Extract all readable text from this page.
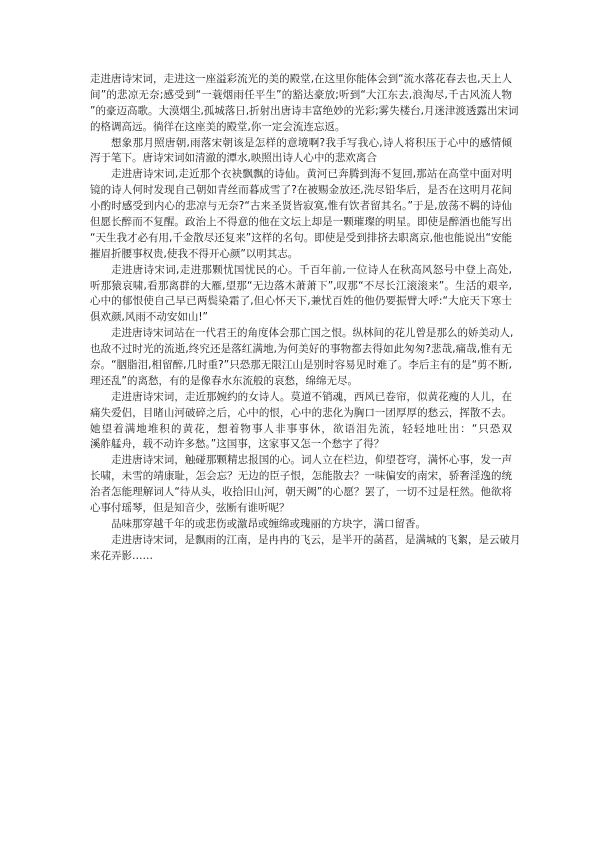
走进唐诗宋词，走进这一座溢彩流光的美的殿堂,在这里你能体会到“流水落花春去也,天上人
间”的悲凉无奈;感受到“一蓑烟雨任平生”的豁达豪放;听到“大江东去,浪淘尽,千古风流人物
”的豪迈高歌。大漠烟尘,孤城落日,折射出唐诗丰富绝妙的光彩;雾失楼台,月迷津渡透露出宋词
的格调高远。徜徉在这座美的殿堂,你一定会流连忘返。
想象那月照唐朝,雨落宋朝该是怎样的意境啊?我手写我心,诗人将积压于心中的感情倾
泻于笔下。唐诗宋词如清澈的潭水,映照出诗人心中的悲欢离合
走进唐诗宋词,走近那个衣袂飘飘的诗仙。黄河已奔腾到海不复回,那站在高堂中面对明
镜的诗人何时发现自己朝如青丝而暮成雪了?在被赐金放还,洗尽铅华后，是否在这明月花间
小酌时感受到内心的悲凉与无奈?“古来圣贤皆寂寞,惟有饮者留其名。”于是,放荡不羁的诗仙
但愿长醉而不复醒。政治上不得意的他在文坛上却是一颗璀璨的明星。即使是醉酒也能写出
“天生我才必有用,千金散尽还复来”这样的名句。即使是受到排挤去职离京,他也能说出“安能
摧眉折腰事权贵,使我不得开心颜”以明其志。
走进唐诗宋词,走进那颗忧国忧民的心。千百年前,一位诗人在秋高风怒号中登上高处,
听那猿哀啸,看那离群的大雁,望那“无边落木萧萧下”,叹那“不尽长江滚滚来”。生活的艰辛,
心中的郁恨使自己早已两鬓染霜了,但心怀天下,兼忧百姓的他仍要振臂大呼:“大庇天下寒士
俱欢颜,风雨不动安如山!”
走进唐诗宋词站在一代君王的角度体会那亡国之恨。纵林间的花儿曾是那么的娇美动人,
也敌不过时光的流逝,终究还是落红满地,为何美好的事物都去得如此匆匆?悲哉,痛哉,惟有无
奈。“胭脂泪,相留醉,几时重?”只恐那无限江山是别时容易见时难了。李后主有的是“剪不断,
理还乱”的离愁，有的是像春水东流般的哀愁，绵绵无尽。
走进唐诗宋词，走近那婉约的女诗人。莫道不销魂，西风已卷帘，似黄花瘦的人儿，在
痛失爱侣，目睹山河破碎之后，心中的恨，心中的悲化为胸口一团厚厚的愁云，挥散不去。
她望着满地堆积的黄花，想着物事人非事事休，欲语泪先流，轻轻地吐出：“只恐双
溪舴艋舟，载不动许多愁。”这国事，这家事又怎一个愁字了得？
走进唐诗宋词，触碰那颗精忠报国的心。词人立在栏边，仰望苍穹，满怀心事，发一声
长啸，未雪的靖康耻，怎会忘？无边的臣子恨，怎能散去？一味偏安的南宋，骄奢淫逸的统
治者怎能理解词人“待从头，收拾旧山河，朝天阙”的心愿？罢了，一切不过是枉然。他欲将
心事付瑶琴，但是知音少，弦断有谁听呢？
品味那穿越千年的或悲伤或激昂或缠绵或瑰丽的方块字，满口留香。
走进唐诗宋词，是飘雨的江南，是冉冉的飞云，是半开的菡萏，是满城的飞絮，是云破月
来花弄影……
